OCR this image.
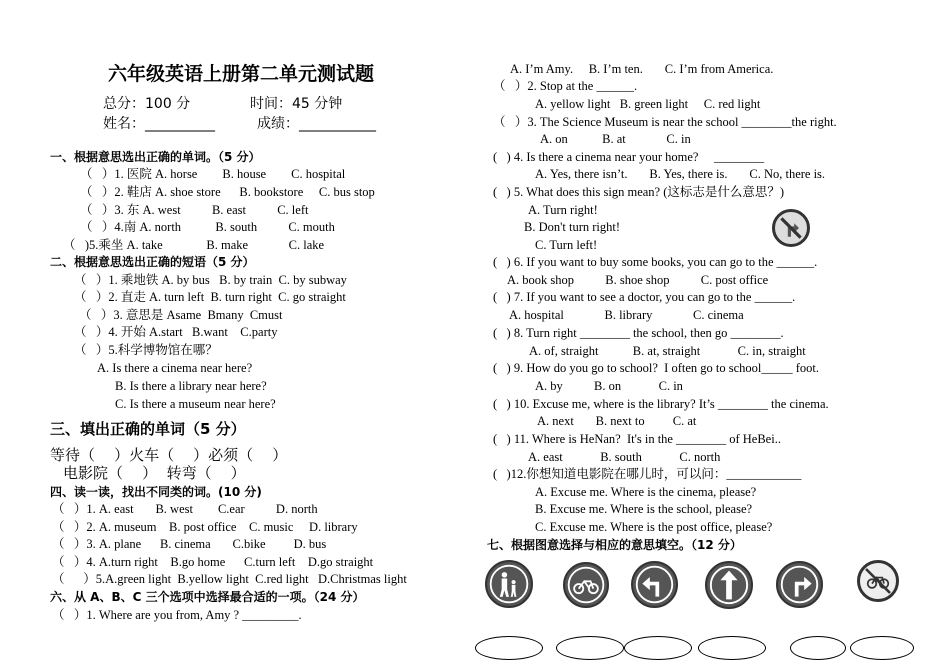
六年级英语上册第二单元测试题
总分：100 分	时间：45 分钟
姓名：__________	成绩：___________
一、根据意思选出正确的单词。（5 分）
（   ）1. 医院 A. horse        B. house        C. hospital
（   ）2. 鞋店 A. shoe store      B. bookstore     C. bus stop
（   ）3. 东 A. west          B. east          C. left
（   ）4.南 A. north           B. south          C. mouth
（   )5.乘坐 A. take              B. make             C. lake
二、根据意思选出正确的短语（5 分）
（   ）1. 乘地铁 A. by bus   B. by train  C. by subway
（   ）2. 直走 A. turn left  B. turn right  C. go straight
（   ）3. 意思是 Asame  Bmany  Cmust
（   ）4. 开始 A.start   B.want    C.party
（   ）5.科学博物馆在哪？
A. Is there a cinema near here?
B. Is there a library near here?
C. Is there a museum near here?
三、填出正确的单词（5 分）
等待（    ）火车（    ）必须（    ）
电影院（    ）  转弯（    ）
四、读一读，找出不同类的词。(10 分)
（   ）1. A. east       B. west        C.ear          D. north
（   ）2. A. museum    B. post office    C. music     D. library
（   ）3. A. plane      B. cinema       C.bike         D. bus
（   ）4. A.turn right    B.go home      C.turn left    D.go straight
（      ）5.A.green light  B.yellow light  C.red light   D.Christmas light
六、从 A、B、C 三个选项中选择最合适的一项。（24 分）
（   ）1. Where are you from, Amy ? _________.
A. I’m Amy.     B. I’m ten.       C. I’m from America.
（   ）2. Stop at the ______.
A. yellow light   B. green light     C. red light
（   ）3. The Science Museum is near the school ________the right.
A. on           B. at             C. in
(   ) 4. Is there a cinema near your home?     ________
A. Yes, there isn’t.       B. Yes, there is.       C. No, there is.
(   ) 5. What does this sign mean? (这标志是什么意思？)
A. Turn right!
B. Don't turn right!
C. Turn left!
(   ) 6. If you want to buy some books, you can go to the ______.
A. book shop          B. shoe shop          C. post office
(   ) 7. If you want to see a doctor, you can go to the ______.
A. hospital             B. library             C. cinema
(   ) 8. Turn right ________ the school, then go ________.
A. of, straight           B. at, straight            C. in, straight
(   ) 9. How do you go to school?  I often go to school_____ foot.
A. by          B. on            C. in
(   ) 10. Excuse me, where is the library? It’s ________ the cinema.
A. next       B. next to         C. at
(   ) 11. Where is HeNan?  It's in the ________ of HeBei..
A. east            B. south            C. north
(   )12.你想知道电影院在哪儿时，可以问：____________
A. Excuse me. Where is the cinema, please?
B. Excuse me. Where is the school, please?
C. Excuse me. Where is the post office, please?
七、根据图意选择与相应的意思填空。（12 分）
